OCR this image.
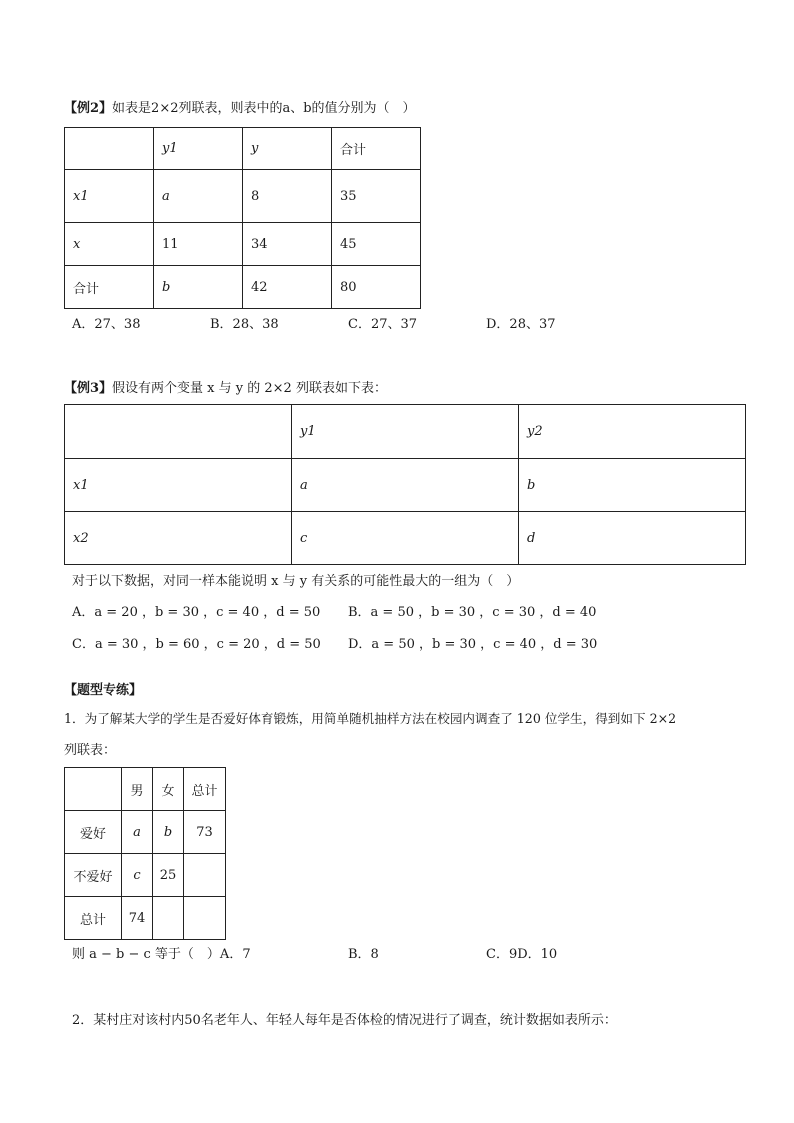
【例2】如表是2×2列联表，则表中的a、b的值分别为（　）
	y1	y	合计
x1	a	8	35
x	11	34	45
合计	b	42	80
A．27、38	B．28、38	C．27、37	D．28、37
【例3】假设有两个变量 x 与 y 的 2×2 列联表如下表：
	y1	y2
x1	a	b
x2	c	d
对于以下数据，对同一样本能说明 x 与 y 有关系的可能性最大的一组为（　）
A．a = 20 ，b = 30 ，c = 40 ，d = 50 B．a = 50 ，b = 30 ，c = 30 ，d = 40
C．a = 30 ，b = 60 ，c = 20 ，d = 50 D．a = 50 ，b = 30 ，c = 40 ，d = 30
【题型专练】
1．为了解某大学的学生是否爱好体育锻炼，用简单随机抽样方法在校园内调查了 120 位学生，得到如下 2×2
列联表：
	男	女	总计
爱好	a	b	73
不爱好	c	25	
总计	74		
则 a − b − c 等于（　）A．7	B．8	C．9D．10
2．某村庄对该村内50名老年人、年轻人每年是否体检的情况进行了调查，统计数据如表所示：
